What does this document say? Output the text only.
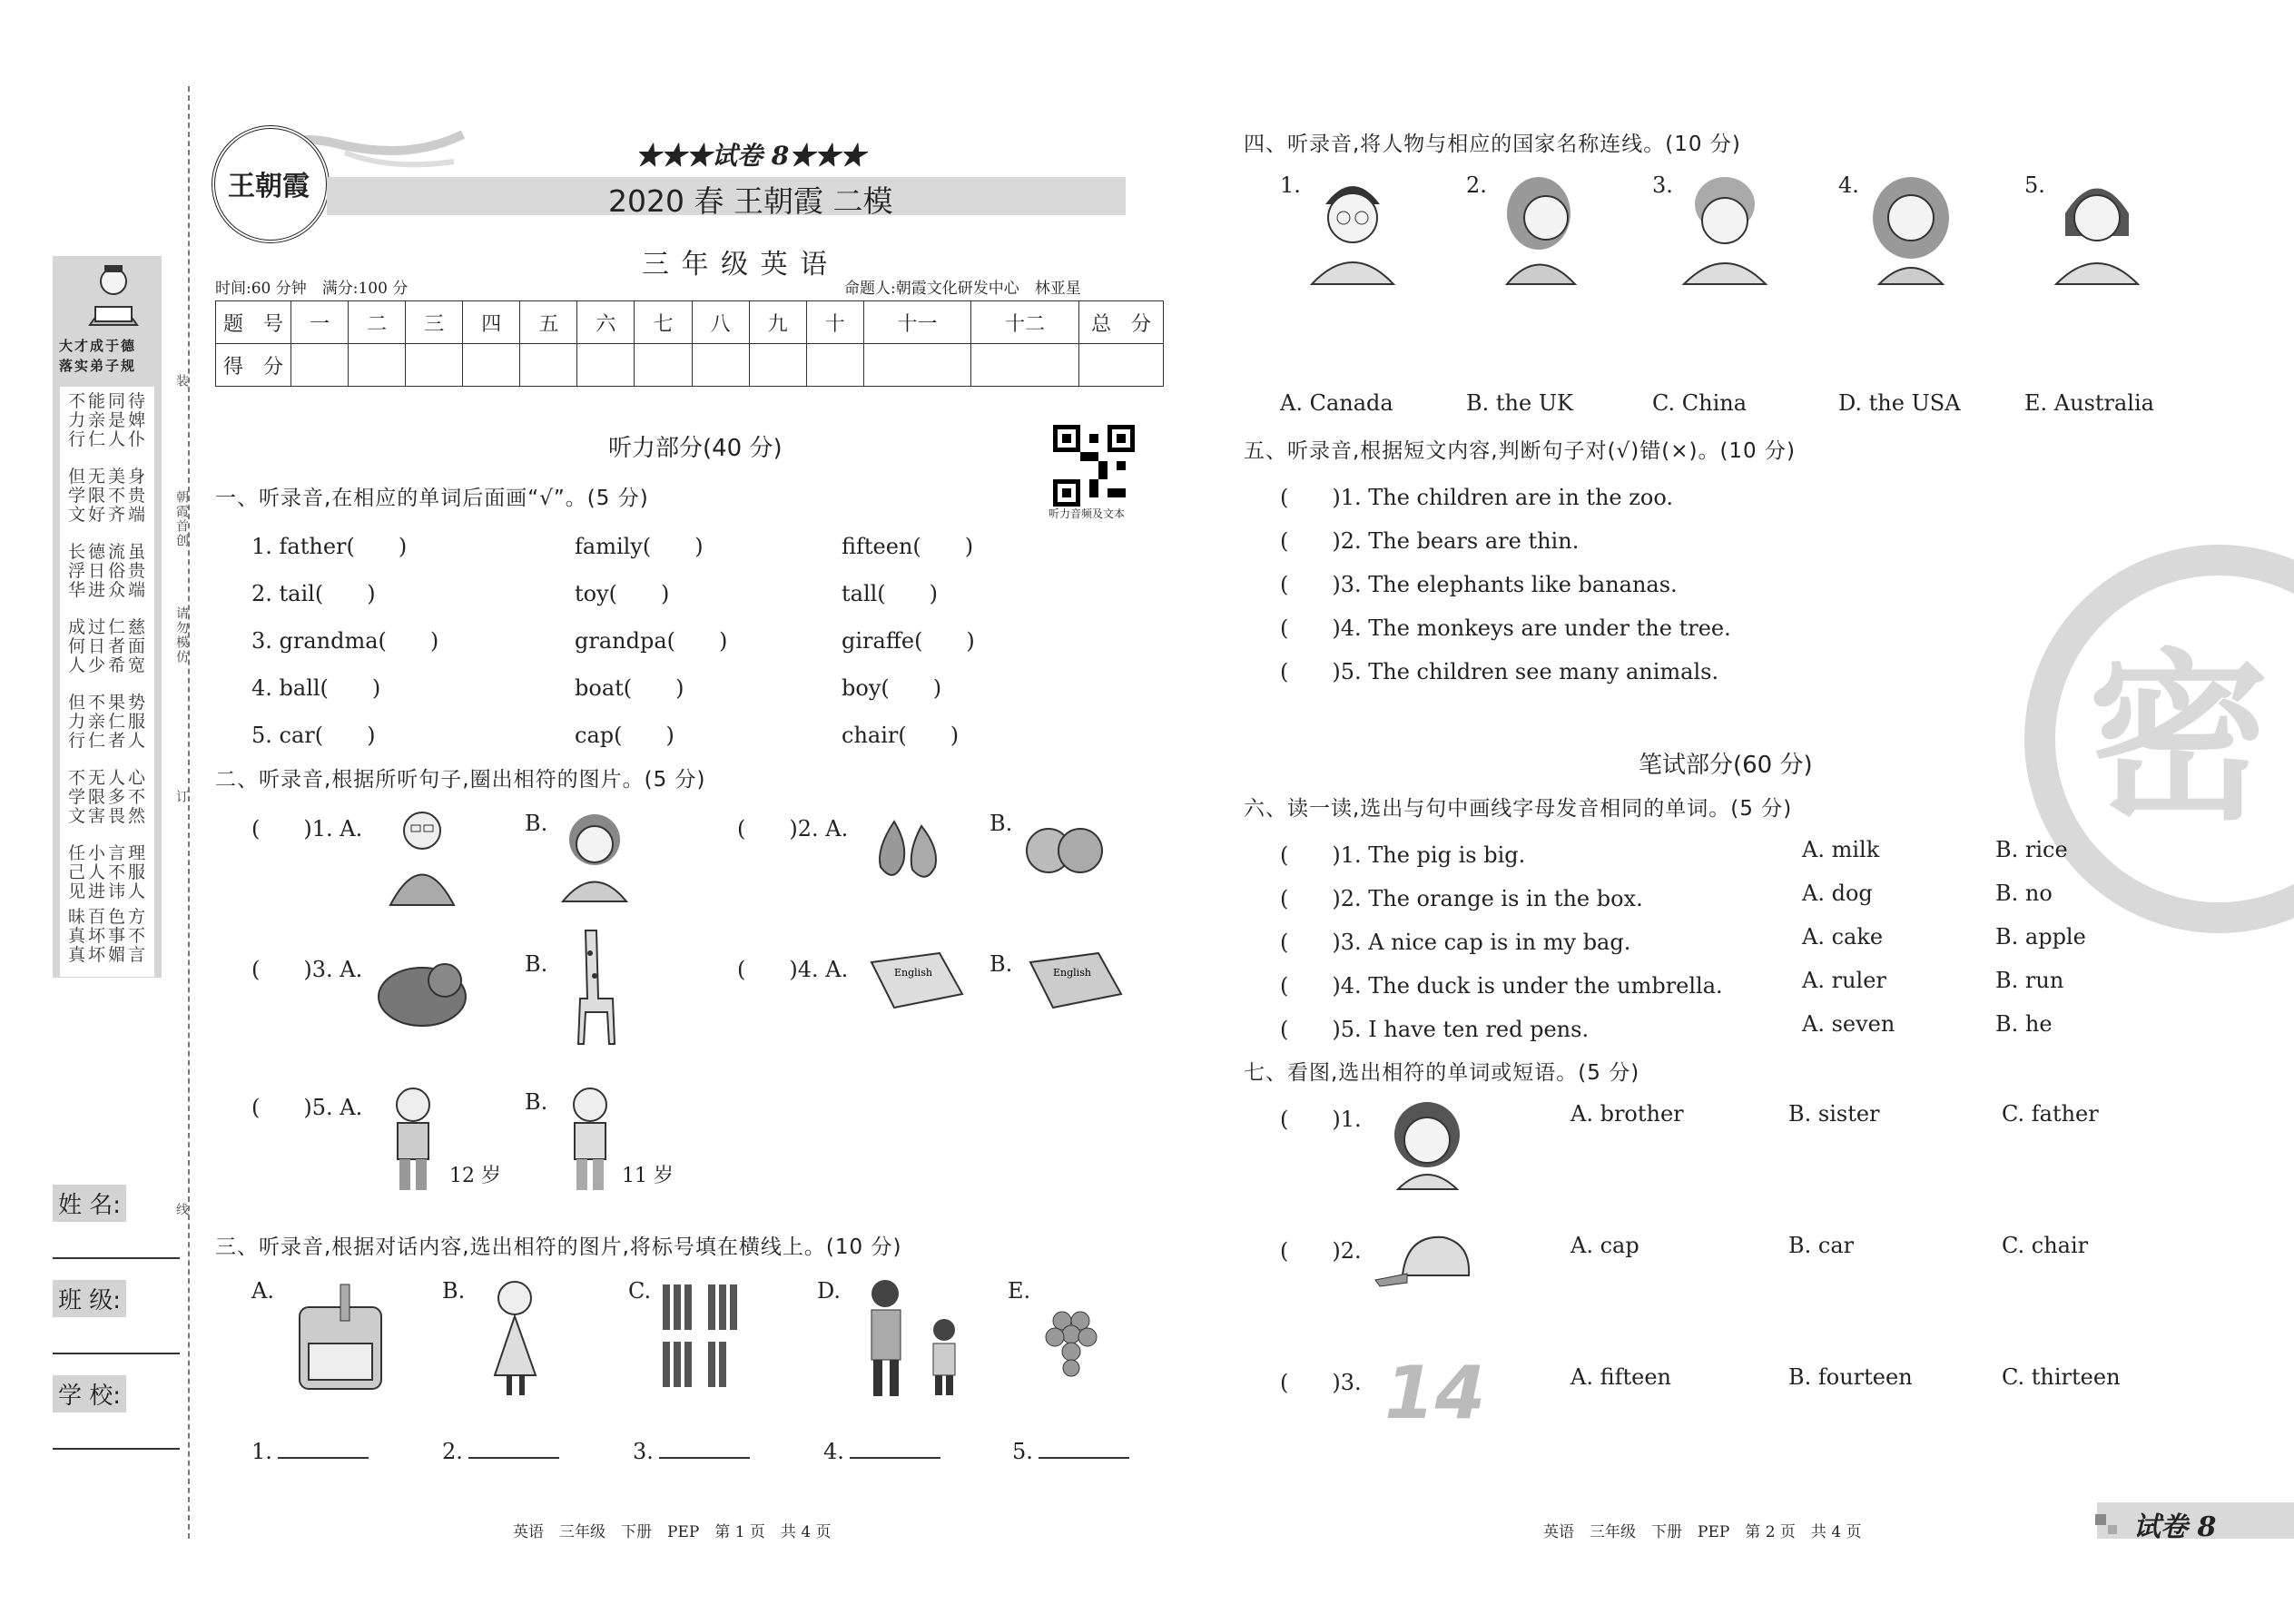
装
订
线
朝霞首创
请勿模仿
大才成于德
落实弟子规
不能同待
力亲是婢
行仁人仆
但无美身
学限不贵
文好齐端
长德流虽
浮日俗贵
华进众端
成过仁慈
何日者面
人少希宽
但不果势
力亲仁服
行仁者人
不无人心
学限多不
文害畏然
任小言理
己人不服
见进讳人
昧百色方
真坏事不
真坏媚言
姓 名:
班 级:
学 校:
王朝霞
★★★试卷 8★★★
2020 春 王朝霞 二模
三 年 级 英 语
时间:60 分钟　满分:100 分	命题人:朝霞文化研发中心　林亚星
题　号	一	二	三	四	五	六	七	八	九	十	十一	十二	总　分
得　分													
听力部分(40 分)
听力音频及文本
一、听录音,在相应的单词后面画“√”。(5 分)
1. father(　　)	family(　　)	fifteen(　　)
2. tail(　　)	toy(　　)	tall(　　)
3. grandma(　　)	grandpa(　　)	giraffe(　　)
4. ball(　　)	boat(　　)	boy(　　)
5. car(　　)	cap(　　)	chair(　　)
二、听录音,根据所听句子,圈出相符的图片。(5 分)
(　　)1. A.	B.	(　　)2. A.	B.
(　　)3. A.	B.	(　　)4. A.	English	B.	English
(　　)5. A.
12 岁
B.
11 岁
三、听录音,根据对话内容,选出相符的图片,将标号填在横线上。(10 分)
A.	B.	C.	D.	E.
1.	2.	3.	4.	5.
英语　三年级　下册　PEP　第 1 页　共 4 页
四、听录音,将人物与相应的国家名称连线。(10 分)
1.	2.	3.	4.	5.
A. Canada	B. the UK	C. China	D. the USA	E. Australia
五、听录音,根据短文内容,判断句子对(√)错(×)。(10 分)
(　　)1. The children are in the zoo.
(　　)2. The bears are thin.
(　　)3. The elephants like bananas.
(　　)4. The monkeys are under the tree.
(　　)5. The children see many animals. 密
笔试部分(60 分)
六、读一读,选出与句中画线字母发音相同的单词。(5 分)
(　　)1. The pig is big.	A. milk	B. rice
(　　)2. The orange is in the box.	A. dog	B. no
(　　)3. A nice cap is in my bag.	A. cake	B. apple
(　　)4. The duck is under the umbrella.	A. ruler	B. run
(　　)5. I have ten red pens.	A. seven	B. he
七、看图,选出相符的单词或短语。(5 分)
(　　)1.	A. brother	B. sister	C. father
(　　)2.	A. cap	B. car	C. chair
(　　)3. 14	A. fifteen	B. fourteen	C. thirteen
英语　三年级　下册　PEP　第 2 页　共 4 页	试卷 8
